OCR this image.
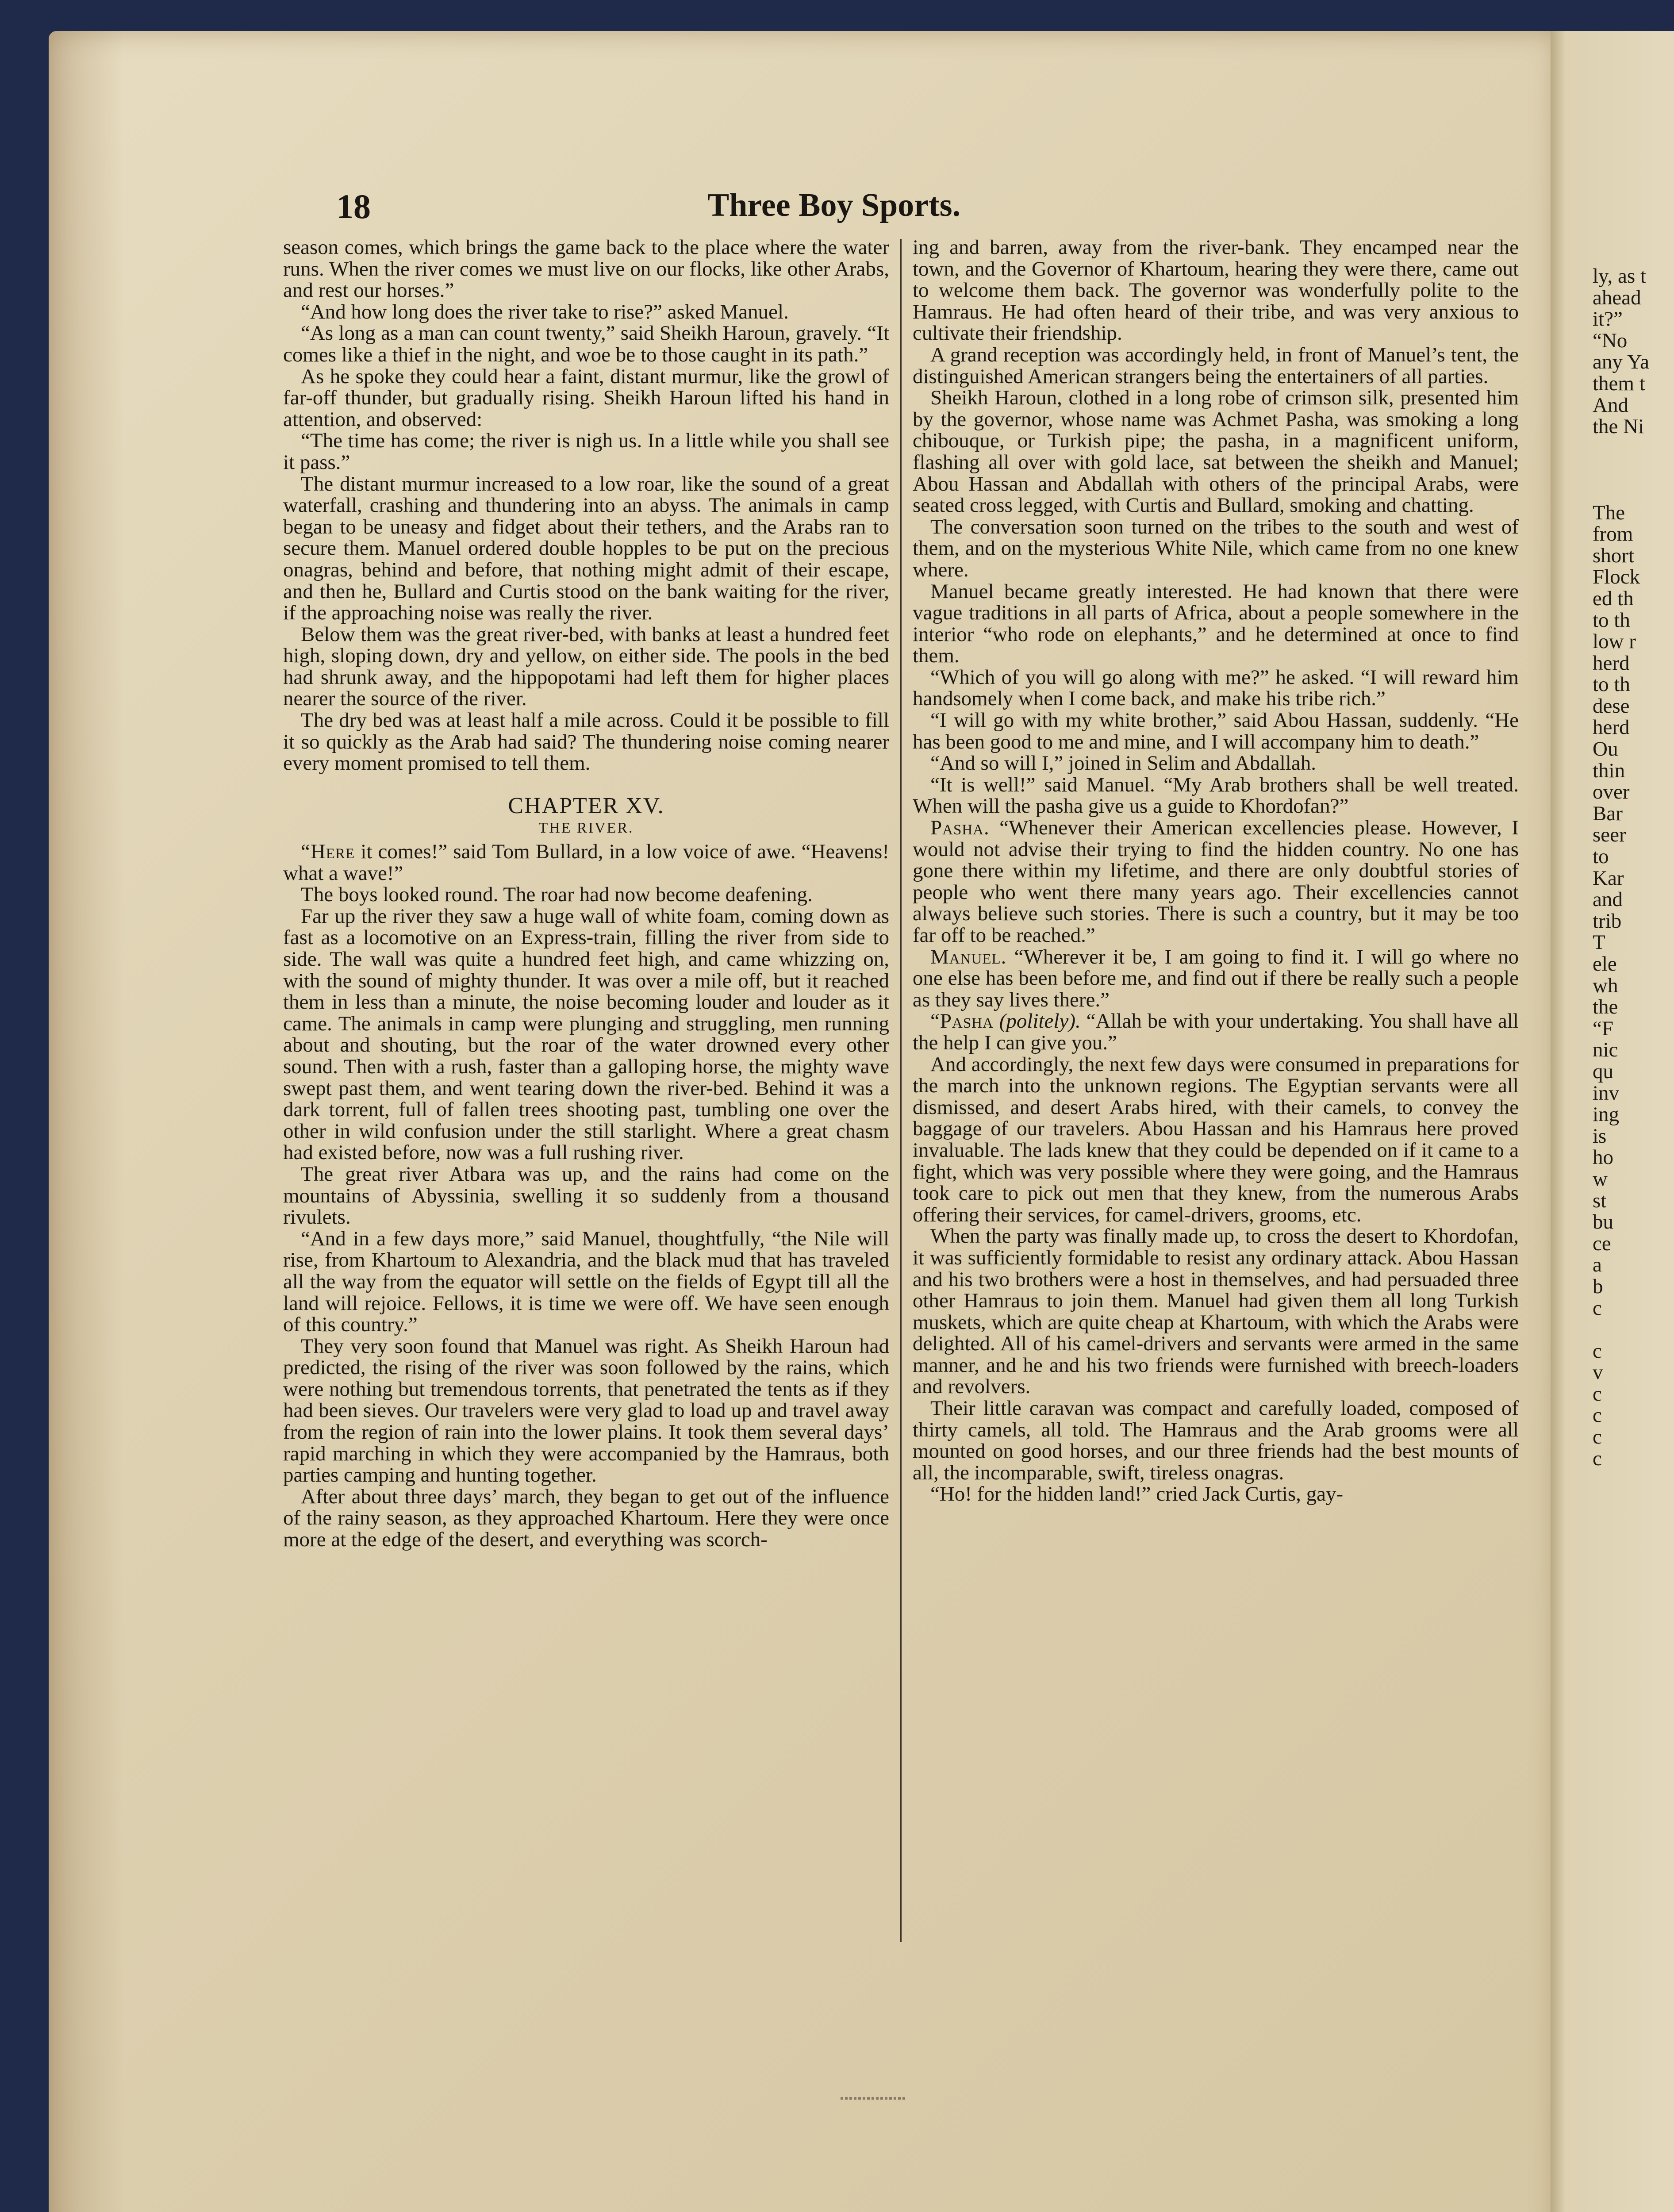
18	Three Boy Sports.

season comes, which brings the game back to the place where the water runs. When the river comes we must live on our flocks, like other Arabs, and rest our horses.”

“And how long does the river take to rise?” asked Manuel.

“As long as a man can count twenty,” said Sheikh Haroun, gravely. “It comes like a thief in the night, and woe be to those caught in its path.”

As he spoke they could hear a faint, distant murmur, like the growl of far-off thunder, but gradually rising. Sheikh Haroun lifted his hand in attention, and observed:

“The time has come; the river is nigh us. In a little while you shall see it pass.”

The distant murmur increased to a low roar, like the sound of a great waterfall, crashing and thundering into an abyss. The animals in camp began to be uneasy and fidget about their tethers, and the Arabs ran to secure them. Manuel ordered double hopples to be put on the precious onagras, behind and before, that nothing might admit of their escape, and then he, Bullard and Curtis stood on the bank waiting for the river, if the approaching noise was really the river.

Below them was the great river-bed, with banks at least a hundred feet high, sloping down, dry and yellow, on either side. The pools in the bed had shrunk away, and the hippopotami had left them for higher places nearer the source of the river.

The dry bed was at least half a mile across. Could it be possible to fill it so quickly as the Arab had said? The thundering noise coming nearer every moment promised to tell them.

CHAPTER XV.
THE RIVER.

“Here it comes!” said Tom Bullard, in a low voice of awe. “Heavens! what a wave!”

The boys looked round. The roar had now become deafening.

Far up the river they saw a huge wall of white foam, coming down as fast as a locomotive on an Express-train, filling the river from side to side. The wall was quite a hundred feet high, and came whizzing on, with the sound of mighty thunder. It was over a mile off, but it reached them in less than a minute, the noise becoming louder and louder as it came. The animals in camp were plunging and struggling, men running about and shouting, but the roar of the water drowned every other sound. Then with a rush, faster than a galloping horse, the mighty wave swept past them, and went tearing down the river-bed. Behind it was a dark torrent, full of fallen trees shooting past, tumbling one over the other in wild confusion under the still starlight. Where a great chasm had existed before, now was a full rushing river.

The great river Atbara was up, and the rains had come on the mountains of Abyssinia, swelling it so suddenly from a thousand rivulets.

“And in a few days more,” said Manuel, thoughtfully, “the Nile will rise, from Khartoum to Alexandria, and the black mud that has traveled all the way from the equator will settle on the fields of Egypt till all the land will rejoice. Fellows, it is time we were off. We have seen enough of this country.”

They very soon found that Manuel was right. As Sheikh Haroun had predicted, the rising of the river was soon followed by the rains, which were nothing but tremendous torrents, that penetrated the tents as if they had been sieves. Our travelers were very glad to load up and travel away from the region of rain into the lower plains. It took them several days’ rapid marching in which they were accompanied by the Hamraus, both parties camping and hunting together.

After about three days’ march, they began to get out of the influence of the rainy season, as they approached Khartoum. Here they were once more at the edge of the desert, and everything was scorch-

ing and barren, away from the river-bank. They encamped near the town, and the Governor of Khartoum, hearing they were there, came out to welcome them back. The governor was wonderfully polite to the Hamraus. He had often heard of their tribe, and was very anxious to cultivate their friendship.

A grand reception was accordingly held, in front of Manuel’s tent, the distinguished American strangers being the entertainers of all parties.

Sheikh Haroun, clothed in a long robe of crimson silk, presented him by the governor, whose name was Achmet Pasha, was smoking a long chibouque, or Turkish pipe; the pasha, in a magnificent uniform, flashing all over with gold lace, sat between the sheikh and Manuel; Abou Hassan and Abdallah with others of the principal Arabs, were seated cross legged, with Curtis and Bullard, smoking and chatting.

The conversation soon turned on the tribes to the south and west of them, and on the mysterious White Nile, which came from no one knew where.

Manuel became greatly interested. He had known that there were vague traditions in all parts of Africa, about a people somewhere in the interior “who rode on elephants,” and he determined at once to find them.

“Which of you will go along with me?” he asked. “I will reward him handsomely when I come back, and make his tribe rich.”

“I will go with my white brother,” said Abou Hassan, suddenly. “He has been good to me and mine, and I will accompany him to death.”

“And so will I,” joined in Selim and Abdallah.

“It is well!” said Manuel. “My Arab brothers shall be well treated. When will the pasha give us a guide to Khordofan?”

Pasha. “Whenever their American excellencies please. However, I would not advise their trying to find the hidden country. No one has gone there within my lifetime, and there are only doubtful stories of people who went there many years ago. Their excellencies cannot always believe such stories. There is such a country, but it may be too far off to be reached.”

Manuel. “Wherever it be, I am going to find it. I will go where no one else has been before me, and find out if there be really such a people as they say lives there.”

“Pasha (politely). “Allah be with your undertaking. You shall have all the help I can give you.”

And accordingly, the next few days were consumed in preparations for the march into the unknown regions. The Egyptian servants were all dismissed, and desert Arabs hired, with their camels, to convey the baggage of our travelers. Abou Hassan and his Hamraus here proved invaluable. The lads knew that they could be depended on if it came to a fight, which was very possible where they were going, and the Hamraus took care to pick out men that they knew, from the numerous Arabs offering their services, for camel-drivers, grooms, etc.

When the party was finally made up, to cross the desert to Khordofan, it was sufficiently formidable to resist any ordinary attack. Abou Hassan and his two brothers were a host in themselves, and had persuaded three other Hamraus to join them. Manuel had given them all long Turkish muskets, which are quite cheap at Khartoum, with which the Arabs were delighted. All of his camel-drivers and servants were armed in the same manner, and he and his two friends were furnished with breech-loaders and revolvers.

Their little caravan was compact and carefully loaded, composed of thirty camels, all told. The Hamraus and the Arab grooms were all mounted on good horses, and our three friends had the best mounts of all, the incomparable, swift, tireless onagras.

“Ho! for the hidden land!” cried Jack Curtis, gay-

ly, as t
ahead
it?”
“No
any Ya
them t
And
the Ni
The
from
short
Flock
ed th
to th
low r
herd
to th
dese
herd
Ou
thin
over
Bar
seer
to
Kar
and
trib
T
ele
wh
the
“F
nic
qu
inv
ing
is
ho
w
st
bu
ce
a
b
c
c
v
c
c
c
c
